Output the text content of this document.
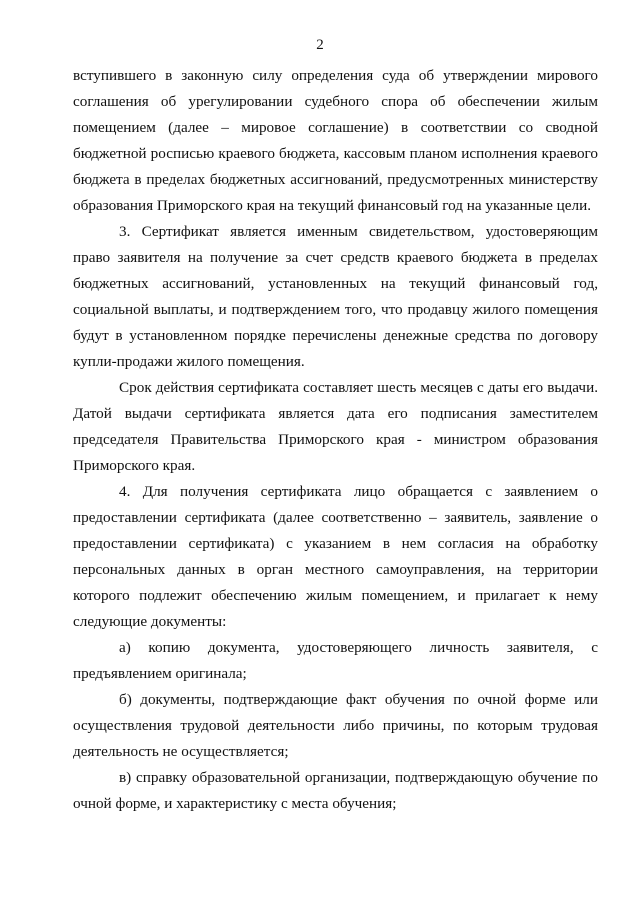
2

вступившего в законную силу определения суда об утверждении мирового соглашения об урегулировании судебного спора об обеспечении жилым помещением (далее – мировое соглашение) в соответствии со сводной бюджетной росписью краевого бюджета, кассовым планом исполнения краевого бюджета в пределах бюджетных ассигнований, предусмотренных министерству образования Приморского края на текущий финансовый год на указанные цели.

3. Сертификат является именным свидетельством, удостоверяющим право заявителя на получение за счет средств краевого бюджета в пределах бюджетных ассигнований, установленных на текущий финансовый год, социальной выплаты, и подтверждением того, что продавцу жилого помещения будут в установленном порядке перечислены денежные средства по договору купли-продажи жилого помещения.

Срок действия сертификата составляет шесть месяцев с даты его выдачи. Датой выдачи сертификата является дата его подписания заместителем председателя Правительства Приморского края - министром образования Приморского края.

4. Для получения сертификата лицо обращается с заявлением о предоставлении сертификата (далее соответственно – заявитель, заявление о предоставлении сертификата) с указанием в нем согласия на обработку персональных данных в орган местного самоуправления, на территории которого подлежит обеспечению жилым помещением, и прилагает к нему следующие документы:

а) копию документа, удостоверяющего личность заявителя, с предъявлением оригинала;

б) документы, подтверждающие факт обучения по очной форме или осуществления трудовой деятельности либо причины, по которым трудовая деятельность не осуществляется;

в) справку образовательной организации, подтверждающую обучение по очной форме, и характеристику с места обучения;
